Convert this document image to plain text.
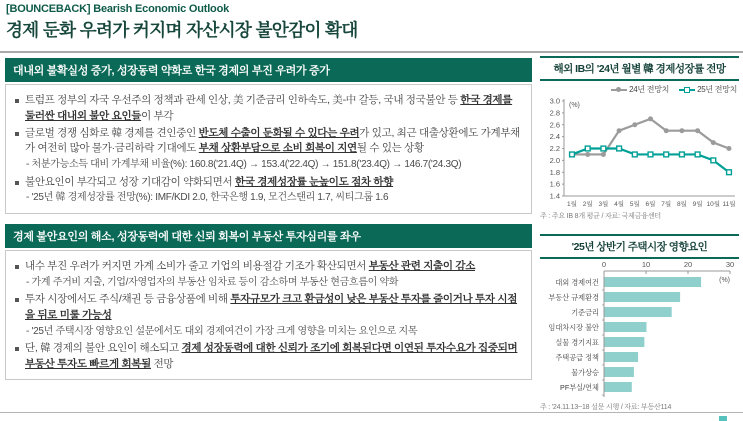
[BOUNCEBACK] Bearish Economic Outlook
경제 둔화 우려가 커지며 자산시장 불안감이 확대
대내외 불확실성 증가, 성장동력 약화로 한국 경제의 부진 우려가 증가
트럼프 정부의 자국 우선주의 정책과 관세 인상, 美 기준금리 인하속도, 美-中 갈등, 국내 정국불안 등 한국 경제를 둘러싼 대내외 불안 요인들이 부각
글로벌 경쟁 심화로 韓 경제를 견인중인 반도체 수출이 둔화될 수 있다는 우려가 있고, 최근 대출상환에도 가계부채가 여전히 많아 물가·금리하락 기대에도 부채 상환부담으로 소비 회복이 지연될 수 있는 상황
- 처분가능소득 대비 가계부채 비율(%): 160.8('21.4Q) → 153.4('22.4Q) → 151.8('23.4Q) → 146.7('24.3Q)
불안요인이 부각되고 성장 기대감이 약화되면서 한국 경제성장률 눈높이도 점차 하향
- '25년 韓 경제성장률 전망(%): IMF/KDI 2.0, 한국은행 1.9, 모건스탠리 1.7, 씨티그룹 1.6
경제 불안요인의 해소, 성장동력에 대한 신뢰 회복이 부동산 투자심리를 좌우
내수 부진 우려가 커지면 가계 소비가 줄고 기업의 비용절감 기조가 확산되면서 부동산 관련 지출이 감소
- 가계 주거비 지출, 기업/자영업자의 부동산 임차료 등이 감소하며 부동산 현금흐름이 약화
투자 시장에서도 주식/채권 등 금융상품에 비해 투자규모가 크고 환금성이 낮은 부동산 투자를 줄이거나 투자 시점을 뒤로 미룰 가능성
- '25년 주택시장 영향요인 설문에서도 대외 경제여건이 가장 크게 영향을 미치는 요인으로 지목
단, 韓 경제의 불안 요인이 해소되고 경제 성장동력에 대한 신뢰가 조기에 회복된다면 이연된 투자수요가 집중되며 부동산 투자도 빠르게 회복될 전망
해외 IB의 '24년 월별 韓 경제성장률 전망
24년 전망치	25년 전망치
1.4
1.6
1.8
2.0
2.2
2.4
2.6
2.8
3.0 (%)
1월 2월 3월 4월 5월 6월 7월 8월 9월 10월 11월
주 : 주요 IB 8개 평균 / 자료: 국제금융센터
'25년 상반기 주택시장 영향요인
0	10	20	30
(%)
대외 경제여건
부동산 규제환경
기준금리
임대차시장 불안
실물 경기지표
주택공급 정책
물가상승
PF부실/연체
주 : '24.11.13~18 설문 시행 / 자료: 부동산114
